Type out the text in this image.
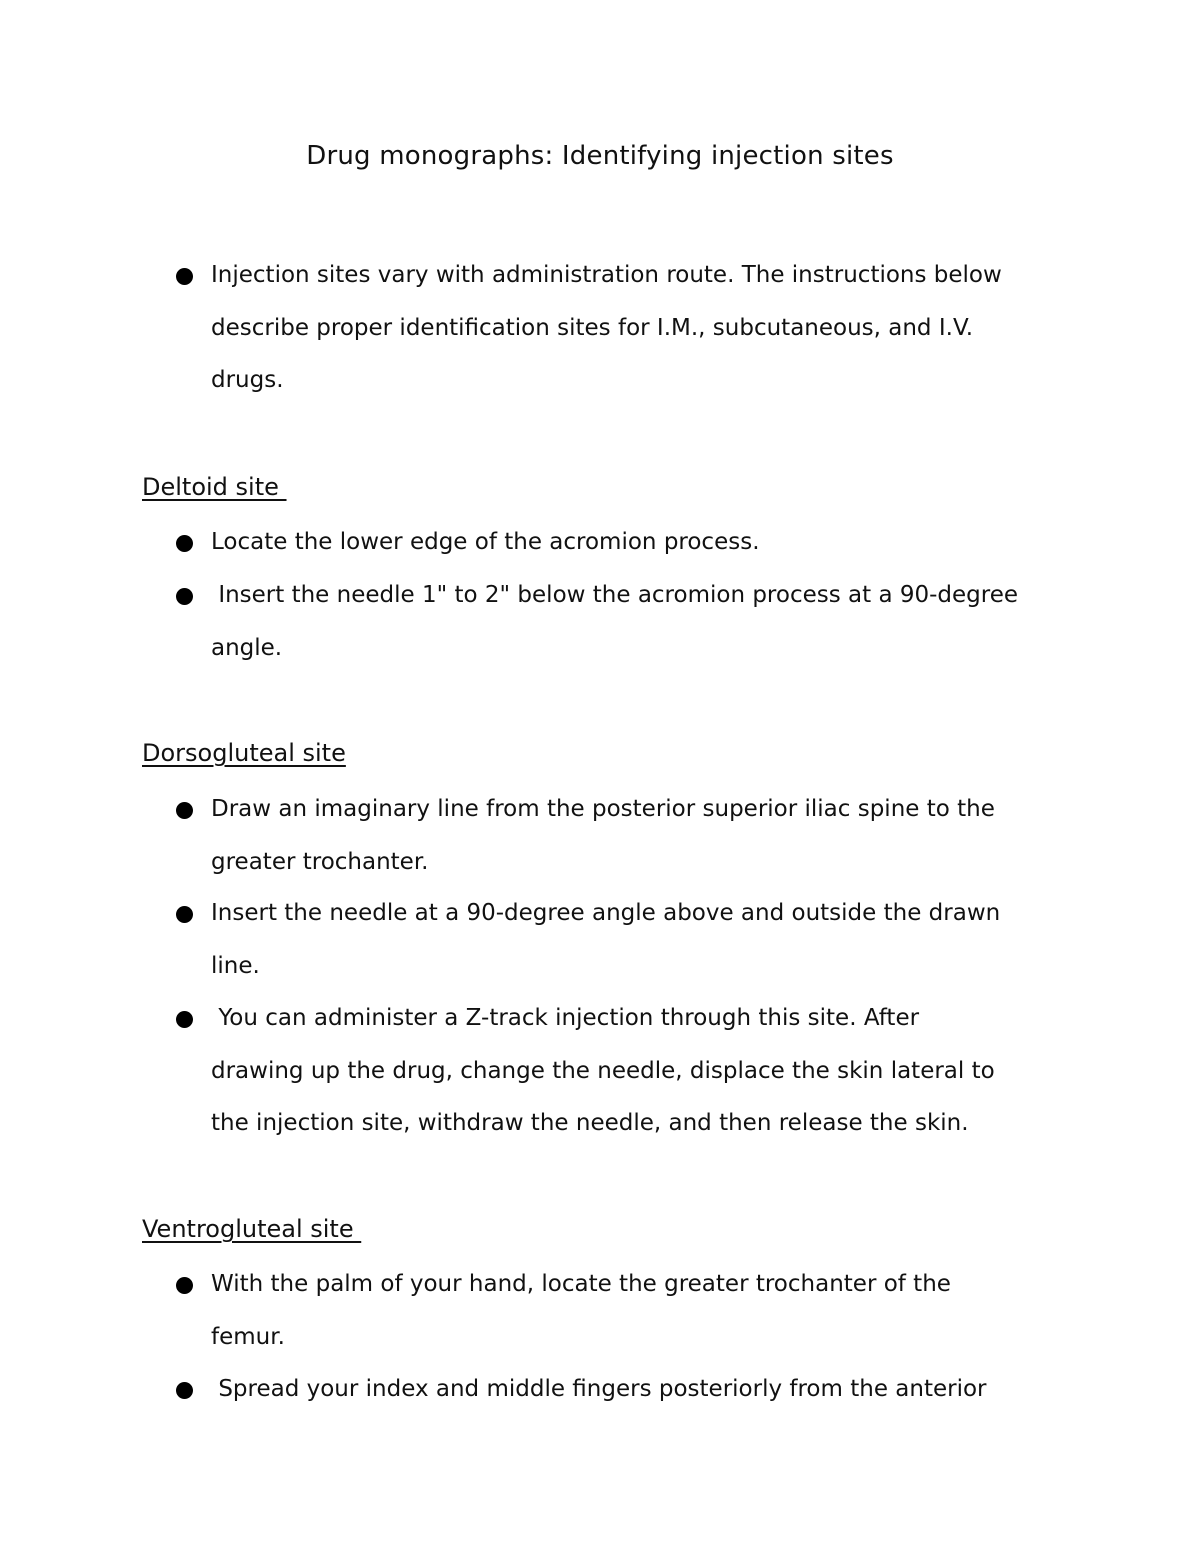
Drug monographs: Identifying injection sites
Injection sites vary with administration route. The instructions below
describe proper identification sites for I.M., subcutaneous, and I.V.
drugs.
Deltoid site
Locate the lower edge of the acromion process.
Insert the needle 1" to 2" below the acromion process at a 90-degree
angle.
Dorsogluteal site
Draw an imaginary line from the posterior superior iliac spine to the
greater trochanter.
Insert the needle at a 90-degree angle above and outside the drawn
line.
You can administer a Z-track injection through this site. After
drawing up the drug, change the needle, displace the skin lateral to
the injection site, withdraw the needle, and then release the skin.
Ventrogluteal site
With the palm of your hand, locate the greater trochanter of the
femur.
Spread your index and middle fingers posteriorly from the anterior
